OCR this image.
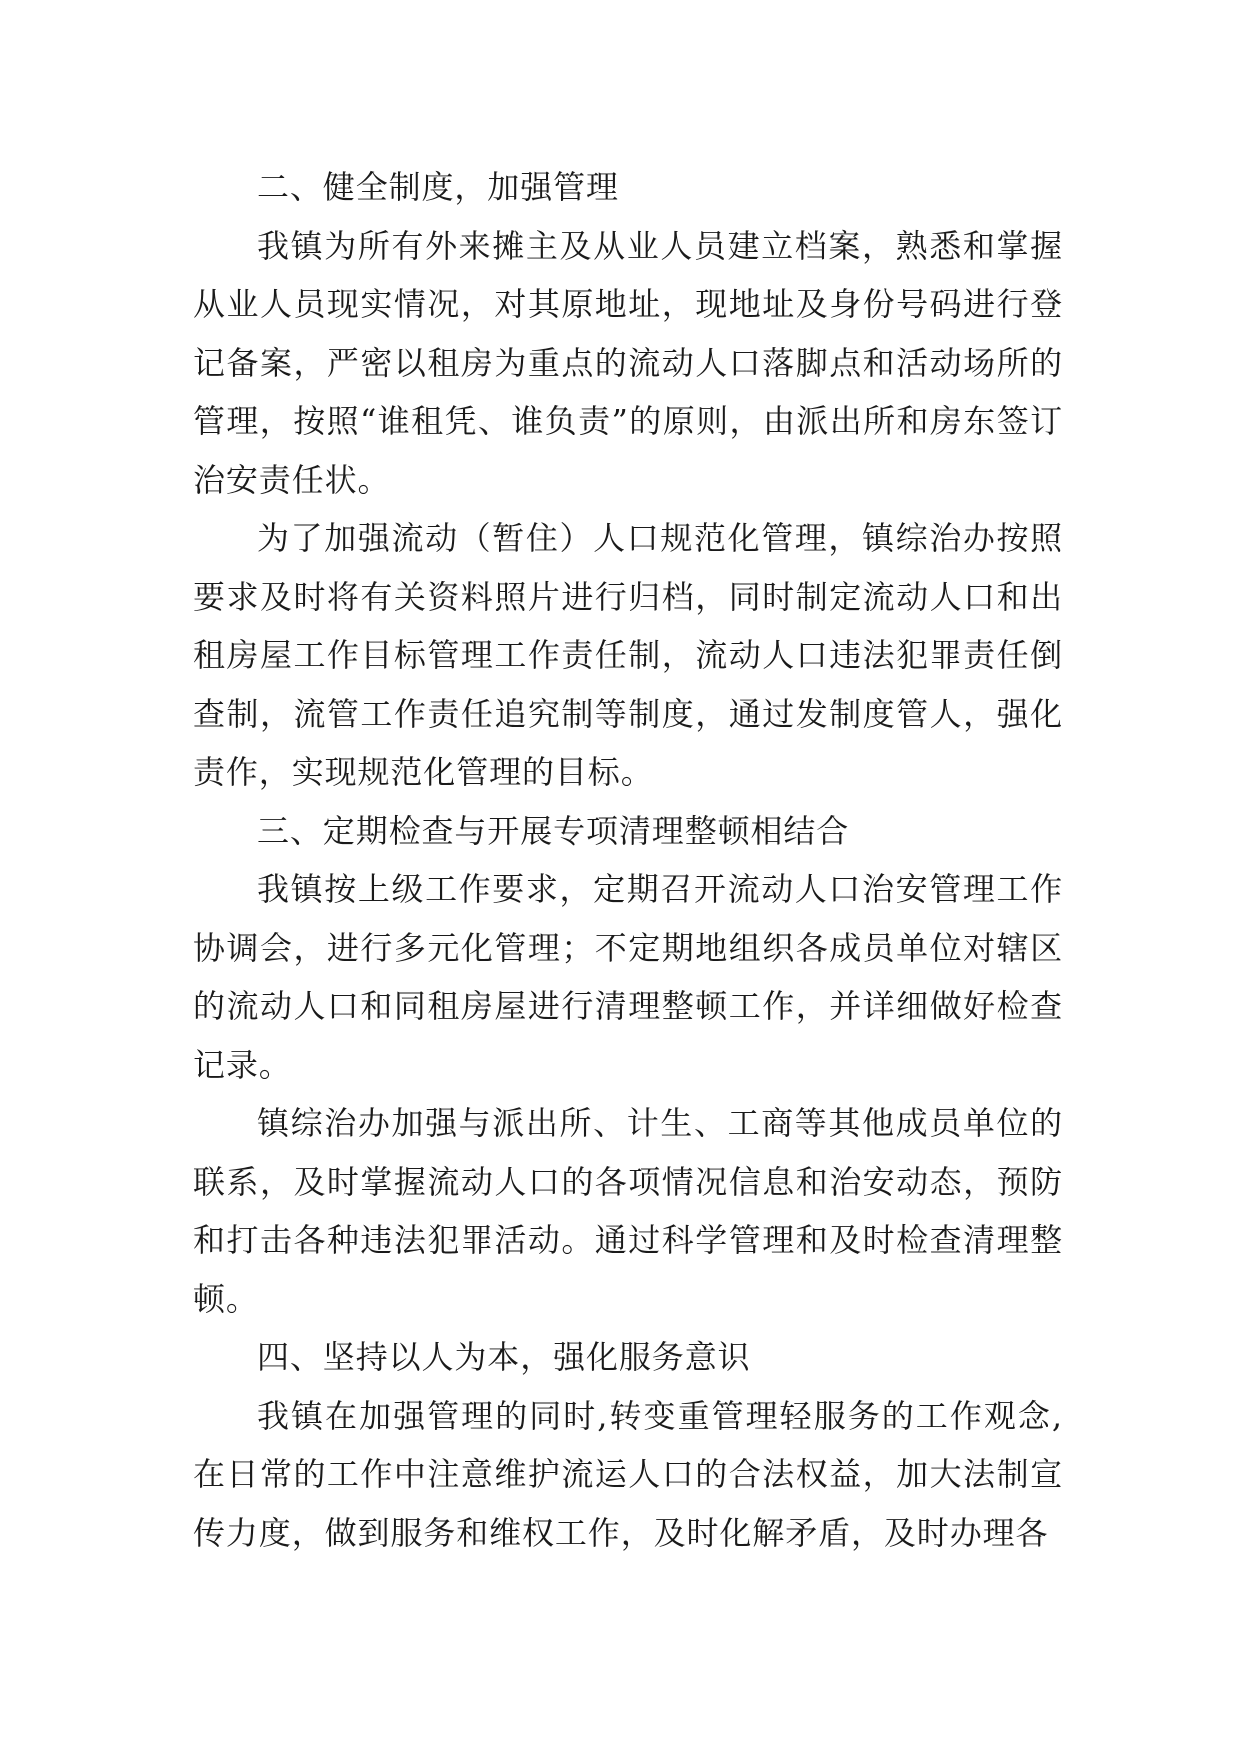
二、健全制度，加强管理

我镇为所有外来摊主及从业人员建立档案，熟悉和掌握从业人员现实情况，对其原地址，现地址及身份号码进行登记备案，严密以租房为重点的流动人口落脚点和活动场所的管理，按照“谁租凭、谁负责”的原则，由派出所和房东签订治安责任状。

为了加强流动（暂住）人口规范化管理，镇综治办按照要求及时将有关资料照片进行归档，同时制定流动人口和出租房屋工作目标管理工作责任制，流动人口违法犯罪责任倒查制，流管工作责任追究制等制度，通过发制度管人，强化责作，实现规范化管理的目标。

三、定期检查与开展专项清理整顿相结合

我镇按上级工作要求，定期召开流动人口治安管理工作协调会，进行多元化管理；不定期地组织各成员单位对辖区的流动人口和同租房屋进行清理整顿工作，并详细做好检查记录。

镇综治办加强与派出所、计生、工商等其他成员单位的联系，及时掌握流动人口的各项情况信息和治安动态，预防和打击各种违法犯罪活动。通过科学管理和及时检查清理整顿。

四、坚持以人为本，强化服务意识

我镇在加强管理的同时,转变重管理轻服务的工作观念,在日常的工作中注意维护流运人口的合法权益，加大法制宣传力度，做到服务和维权工作，及时化解矛盾，及时办理各
